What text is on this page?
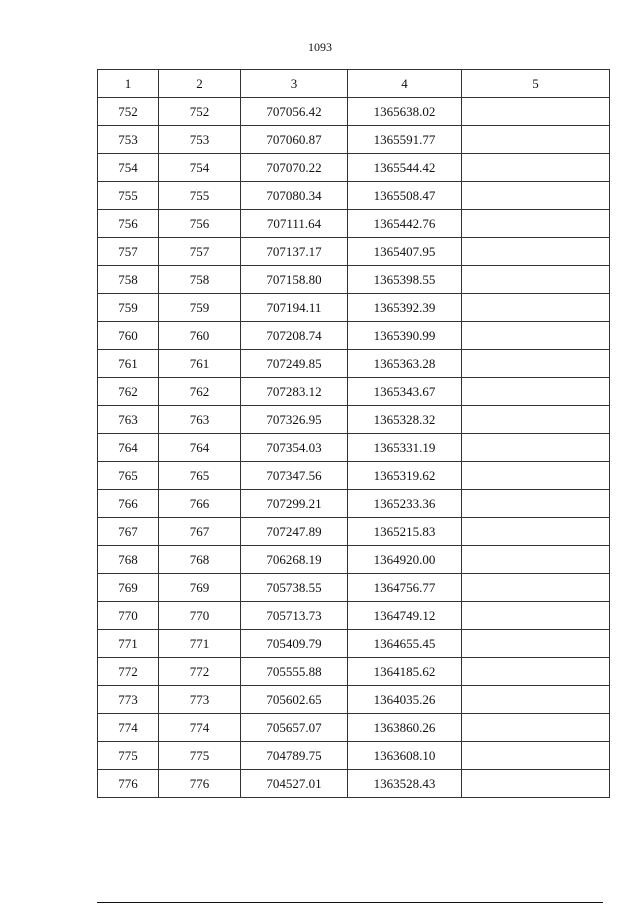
1093
1	2	3	4	5
752	752	707056.42	1365638.02	
753	753	707060.87	1365591.77	
754	754	707070.22	1365544.42	
755	755	707080.34	1365508.47	
756	756	707111.64	1365442.76	
757	757	707137.17	1365407.95	
758	758	707158.80	1365398.55	
759	759	707194.11	1365392.39	
760	760	707208.74	1365390.99	
761	761	707249.85	1365363.28	
762	762	707283.12	1365343.67	
763	763	707326.95	1365328.32	
764	764	707354.03	1365331.19	
765	765	707347.56	1365319.62	
766	766	707299.21	1365233.36	
767	767	707247.89	1365215.83	
768	768	706268.19	1364920.00	
769	769	705738.55	1364756.77	
770	770	705713.73	1364749.12	
771	771	705409.79	1364655.45	
772	772	705555.88	1364185.62	
773	773	705602.65	1364035.26	
774	774	705657.07	1363860.26	
775	775	704789.75	1363608.10	
776	776	704527.01	1363528.43	
